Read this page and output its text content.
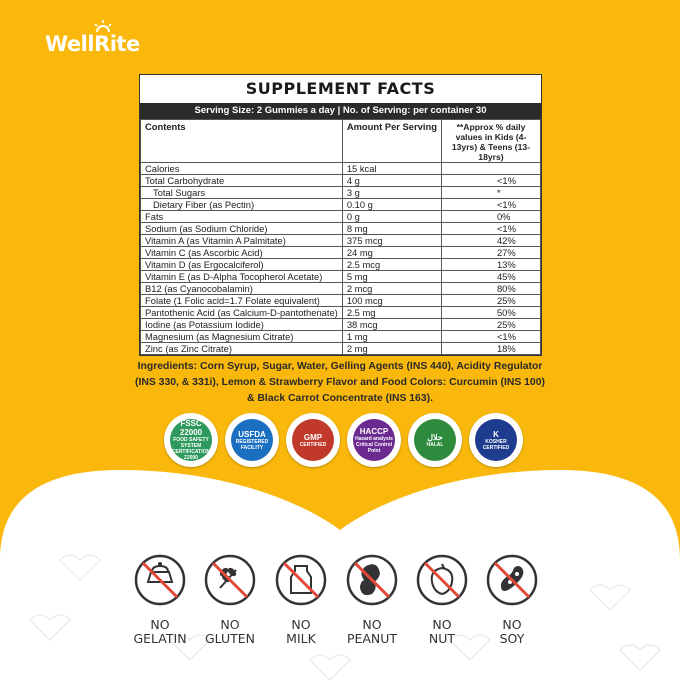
WellRite
SUPPLEMENT FACTS
Serving Size: 2 Gummies a day | No. of Serving: per container 30
Contents	Amount Per Serving	**Approx % daily values in Kids (4-13yrs) & Teens (13-18yrs)
Calories	15 kcal	
Total Carbohydrate	4 g	<1%
Total Sugars	3 g	*
Dietary Fiber (as Pectin)	0.10 g	<1%
Fats	0 g	0%
Sodium (as Sodium Chloride)	8 mg	<1%
Vitamin A (as Vitamin A Palmitate)	375 mcg	42%
Vitamin C (as Ascorbic Acid)	24 mg	27%
Vitamin D (as Ergocalciferol)	2.5 mcg	13%
Vitamin E (as D-Alpha Tocopherol Acetate)	5 mg	45%
B12 (as Cyanocobalamin)	2 mcg	80%
Folate (1 Folic acid=1.7 Folate equivalent)	100 mcg	25%
Pantothenic Acid (as Calcium-D-pantothenate)	2.5 mg	50%
Iodine (as Potassium Iodide)	38 mcg	25%
Magnesium (as Magnesium Citrate)	1 mg	<1%
Zinc (as Zinc Citrate)	2 mg	18%
Ingredients: Corn Syrup, Sugar, Water, Gelling Agents (INS 440), Acidity Regulator (INS 330, & 331i), Lemon & Strawberry Flavor and Food Colors: Curcumin (INS 100) & Black Carrot Concentrate (INS 163).
FSSC 22000
FOOD SAFETY SYSTEM CERTIFICATION 22000
USFDA
REGISTERED FACILITY
GMP
CERTIFIED
HACCP
Hazard analysis Critical Control Point
حلال
HALAL
K
KOSHER CERTIFIED
NO
GELATIN
NO
GLUTEN
NO
MILK
NO
PEANUT
NO
NUT
NO
SOY
